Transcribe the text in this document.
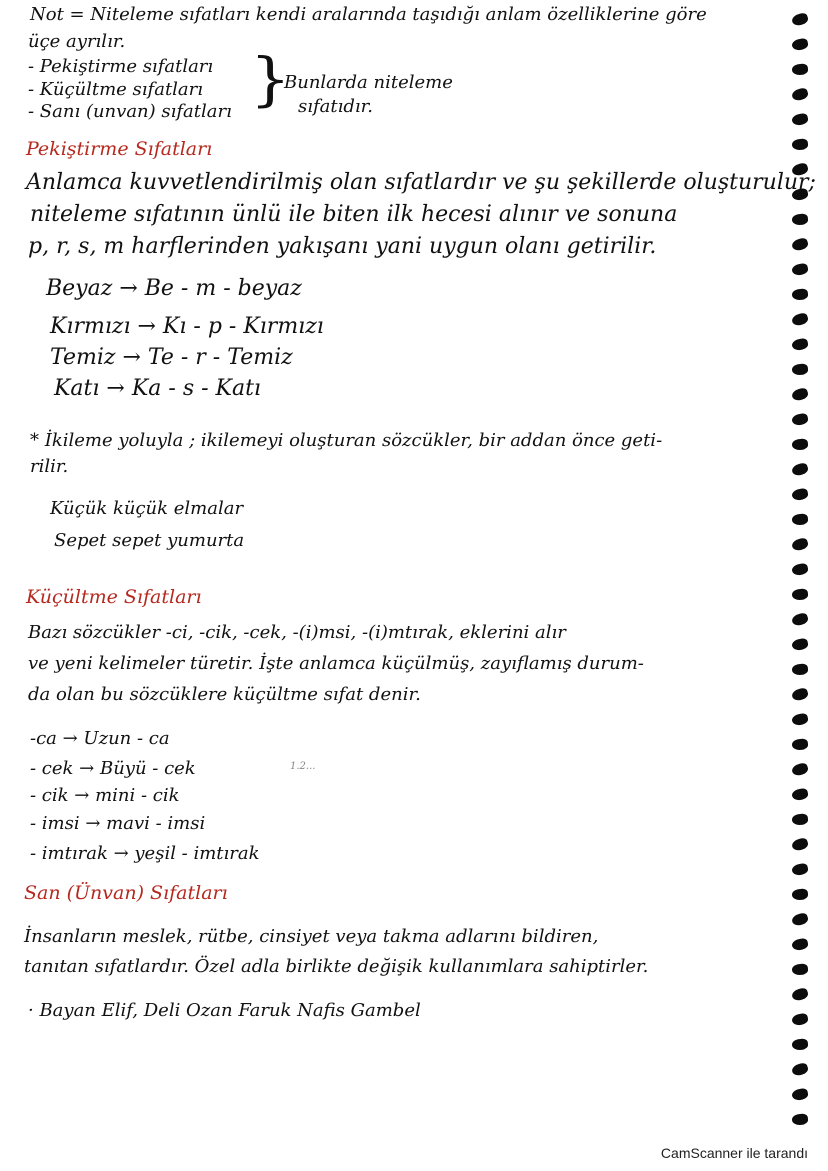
Not = Niteleme sıfatları kendi aralarında taşıdığı anlam özelliklerine göre
üçe ayrılır.
- Pekiştirme sıfatları
- Küçültme sıfatları
- Sanı (unvan) sıfatları }
Bunlarda niteleme
sıfatıdır.
Pekiştirme Sıfatları
Anlamca kuvvetlendirilmiş olan sıfatlardır ve şu şekillerde oluşturulur;
niteleme sıfatının ünlü ile biten ilk hecesi alınır ve sonuna
p, r, s, m harflerinden yakışanı yani uygun olanı getirilir.
Beyaz → Be - m - beyaz
Kırmızı → Kı - p - Kırmızı
Temiz → Te - r - Temiz
Katı → Ka - s - Katı
* İkileme yoluyla ; ikilemeyi oluşturan sözcükler, bir addan önce geti-
rilir.
Küçük küçük elmalar
Sepet sepet yumurta
Küçültme Sıfatları
Bazı sözcükler -ci, -cik, -cek, -(i)msi, -(i)mtırak, eklerini alır
ve yeni kelimeler türetir. İşte anlamca küçülmüş, zayıflamış durum-
da olan bu sözcüklere küçültme sıfat denir.
-ca → Uzun - ca
- cek → Büyü - cek
- cik → mini - cik
- imsi → mavi - imsi
- imtırak → yeşil - imtırak
1.2...
San (Ünvan) Sıfatları
İnsanların meslek, rütbe, cinsiyet veya takma adlarını bildiren,
tanıtan sıfatlardır. Özel adla birlikte değişik kullanımlara sahiptirler.
· Bayan Elif, Deli Ozan Faruk Nafis Gambel
CamScanner ile tarandı
